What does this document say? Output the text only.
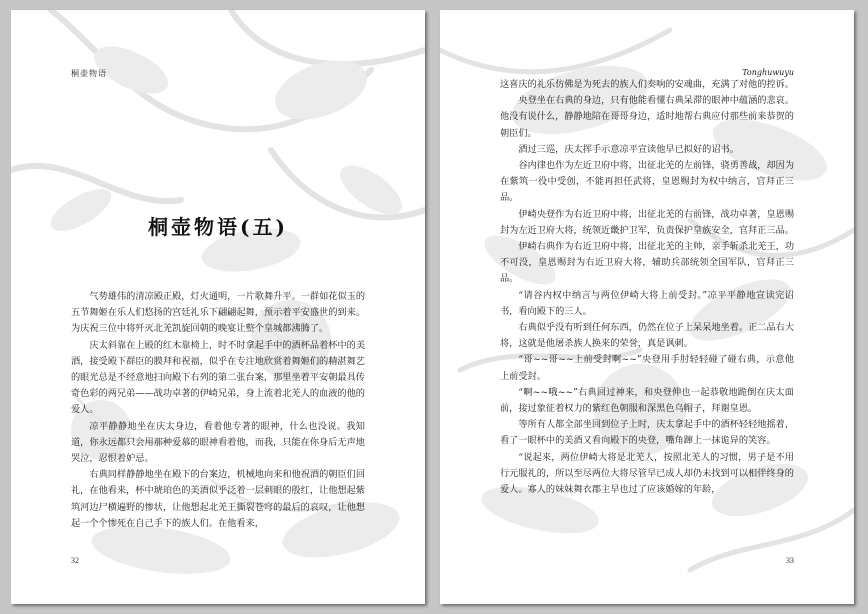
桐壶物语
桐壶物语(五)

气势雄伟的清凉殿正殿，灯火通明，一片歌舞升平。一群如花似玉的五节舞姬在乐人们悠扬的宫廷礼乐下翩翩起舞，预示着平安盛世的到来。为庆祝三位中将歼灭北羌凯旋回朝的晚宴让整个皇城都沸腾了。

庆太斜靠在上殿的红木靠椅上，时不时拿起手中的酒杯品着杯中的美酒，接受殿下群臣的膜拜和祝福，似乎在专注地欣赏着舞姬们的精湛舞艺的眼光总是不经意地扫向殿下右列的第二张台案，那里坐着平安朝最具传奇色彩的两兄弟——战功卓著的伊崎兄弟，身上流着北羌人的血液的他的爱人。

凉平静静地坐在庆太身边，看着他专著的眼神，什么也没说。我知道，你永远都只会用那种爱慕的眼神看着他，而我，只能在你身后无声地哭泣，忍恨着妒忌。

右典同样静静地坐在殿下的台案边，机械地向来和他祝酒的朝臣们回礼，在他看来，杯中琥珀色的美酒似乎泛着一层刺眼的殷红，让他想起紫筑河边尸横遍野的惨状，让他想起北羌王撕裂苍穹的最后的哀叹，让他想起一个个惨死在自己手下的族人们。在他看来，

32
Tonghuwuyu

这喜庆的礼乐仿佛是为死去的族人们奏响的安魂曲，充满了对他的控诉。

央登坐在右典的身边，只有他能看懂右典呆滞的眼神中蕴涵的悲哀。他没有说什么，静静地陪在哥哥身边，适时地帮右典应付那些前来恭贺的朝臣们。

酒过三巡，庆太挥手示意凉平宣读他早已拟好的诏书。

谷内律也作为左近卫府中将，出征北羌的左前锋，骁勇善战，却因为在紫筑一役中受创，不能再担任武将，皇恩赐封为权中纳言，官拜正三品。

伊崎央登作为右近卫府中将，出征北羌的右前锋，战功卓著，皇恩赐封为左近卫府大将，统领近畿护卫军，负责保护皇族安全，官拜正三品。

伊崎右典作为右近卫府中将，出征北羌的主帅，亲手斩杀北羌王，功不可没，皇恩赐封为右近卫府大将，辅助兵部统领全国军队，官拜正三品。

“请谷内权中纳言与两位伊崎大将上前受封。”凉平平静地宣读完诏书，看向殿下的三人。

右典似乎没有听到任何东西，仍然在位子上呆呆地坐着。正二品右大将，这就是他屠杀族人换来的荣誉，真是讽刺。

“哥~~哥~~上前受封啊~~”央登用手肘轻轻碰了碰右典，示意他上前受封。

“啊~~哦~~”右典回过神来，和央登伸也一起恭敬地跪倒在庆太面前，接过象征着权力的紫红色朝服和深黑色乌帽子，拜谢皇恩。

等所有人都全部坐回到位子上时，庆太拿起手中的酒杯轻轻地摇着，看了一眼杯中的美酒又看向殿下的央登，嘴角蹿上一抹诡异的笑容。

“说起来，两位伊崎大将是北羌人，按照北羌人的习惯，男子是不用行元服礼的，所以至尽两位大将尽管早已成人却仍未找到可以相伴终身的爱人。寡人的妹妹舞衣郡主早也过了应该婚嫁的年龄，

33
